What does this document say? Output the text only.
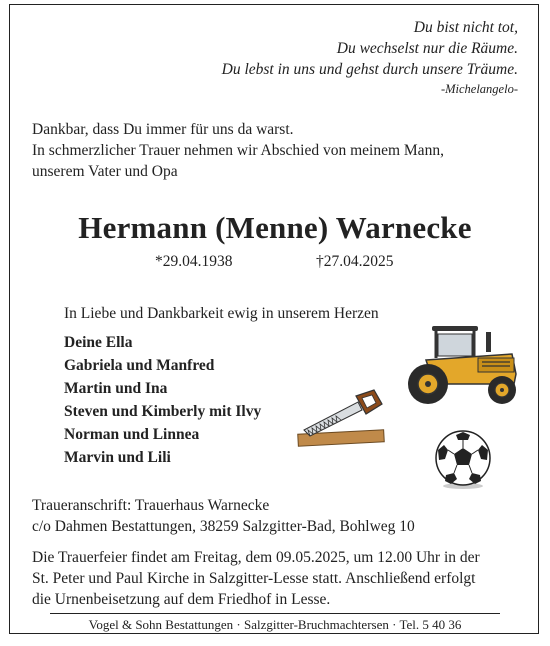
Du bist nicht tot,
Du wechselst nur die Räume.
Du lebst in uns und gehst durch unsere Träume.
-Michelangelo-
Dankbar, dass Du immer für uns da warst.
In schmerzlicher Trauer nehmen wir Abschied von meinem Mann,
unserem Vater und Opa
Hermann (Menne) Warnecke
*29.04.1938	†27.04.2025
In Liebe und Dankbarkeit ewig in unserem Herzen
Deine Ella
Gabriela und Manfred
Martin und Ina
Steven und Kimberly mit Ilvy
Norman und Linnea
Marvin und Lili
Traueranschrift: Trauerhaus Warnecke
c/o Dahmen Bestattungen, 38259 Salzgitter-Bad, Bohlweg 10
Die Trauerfeier findet am Freitag, dem 09.05.2025, um 12.00 Uhr in der
St. Peter und Paul Kirche in Salzgitter-Lesse statt. Anschließend erfolgt
die Urnenbeisetzung auf dem Friedhof in Lesse.
Vogel & Sohn Bestattungen · Salzgitter-Bruchmachtersen · Tel. 5 40 36
